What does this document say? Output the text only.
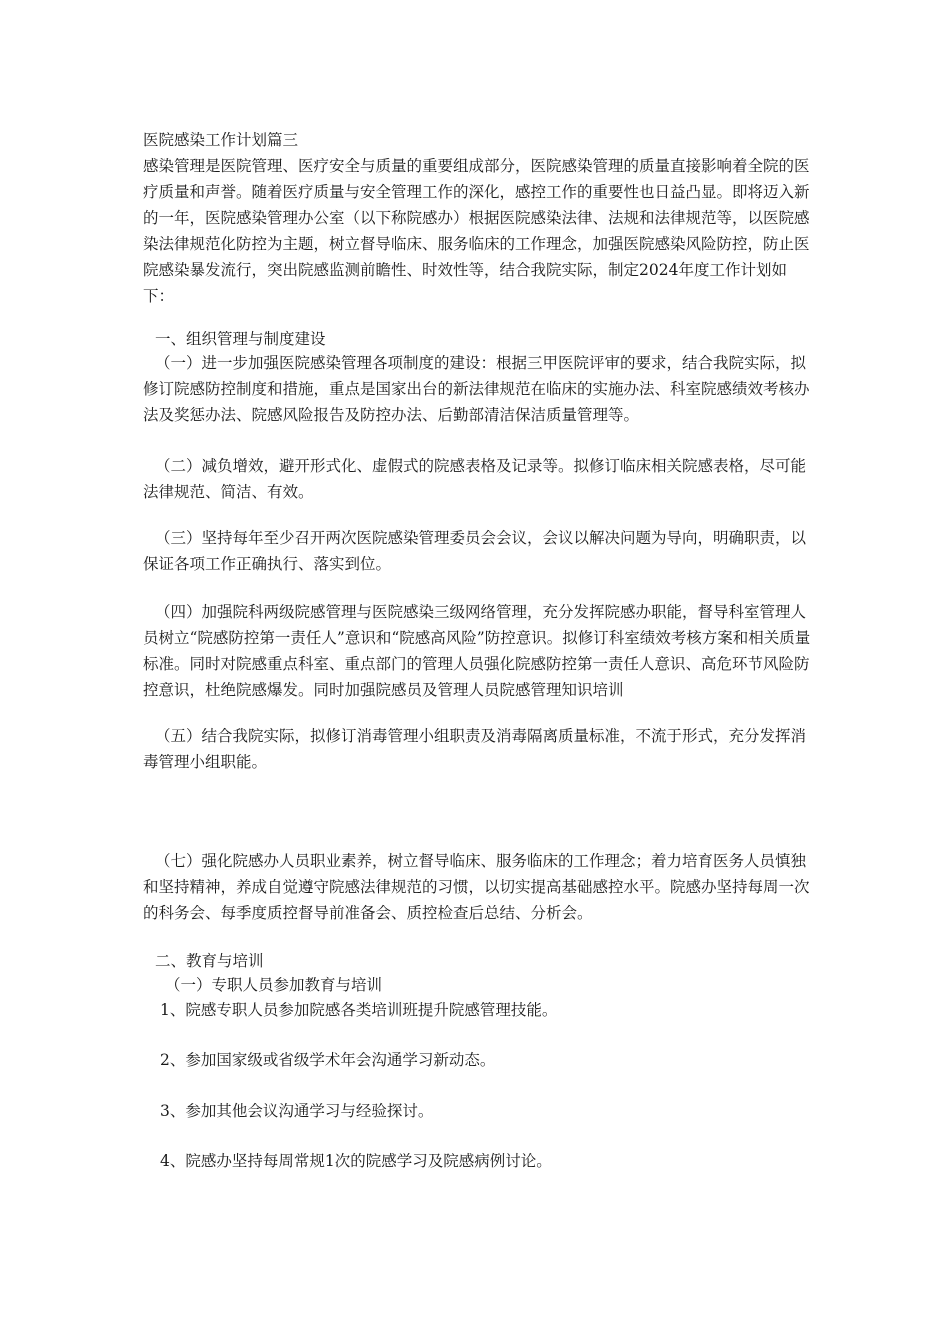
医院感染工作计划篇三

感染管理是医院管理、医疗安全与质量的重要组成部分，医院感染管理的质量直接影响着全院的医疗质量和声誉。随着医疗质量与安全管理工作的深化，感控工作的重要性也日益凸显。即将迈入新的一年，医院感染管理办公室（以下称院感办）根据医院感染法律、法规和法律规范等，以医院感染法律规范化防控为主题，树立督导临床、服务临床的工作理念，加强医院感染风险防控，防止医院感染暴发流行，突出院感监测前瞻性、时效性等，结合我院实际，制定2024年度工作计划如下：

一、组织管理与制度建设

（一）进一步加强医院感染管理各项制度的建设：根据三甲医院评审的要求，结合我院实际，拟修订院感防控制度和措施，重点是国家出台的新法律规范在临床的实施办法、科室院感绩效考核办法及奖惩办法、院感风险报告及防控办法、后勤部清洁保洁质量管理等。

（二）减负增效，避开形式化、虚假式的院感表格及记录等。拟修订临床相关院感表格，尽可能法律规范、简洁、有效。

（三）坚持每年至少召开两次医院感染管理委员会会议，会议以解决问题为导向，明确职责，以保证各项工作正确执行、落实到位。

（四）加强院科两级院感管理与医院感染三级网络管理，充分发挥院感办职能，督导科室管理人员树立“院感防控第一责任人”意识和“院感高风险”防控意识。拟修订科室绩效考核方案和相关质量标准。同时对院感重点科室、重点部门的管理人员强化院感防控第一责任人意识、高危环节风险防控意识，杜绝院感爆发。同时加强院感员及管理人员院感管理知识培训

（五）结合我院实际，拟修订消毒管理小组职责及消毒隔离质量标准，不流于形式，充分发挥消毒管理小组职能。

（七）强化院感办人员职业素养，树立督导临床、服务临床的工作理念；着力培育医务人员慎独和坚持精神，养成自觉遵守院感法律规范的习惯，以切实提高基础感控水平。院感办坚持每周一次的科务会、每季度质控督导前准备会、质控检查后总结、分析会。

二、教育与培训

（一）专职人员参加教育与培训

1、院感专职人员参加院感各类培训班提升院感管理技能。

2、参加国家级或省级学术年会沟通学习新动态。

3、参加其他会议沟通学习与经验探讨。

4、院感办坚持每周常规1次的院感学习及院感病例讨论。
